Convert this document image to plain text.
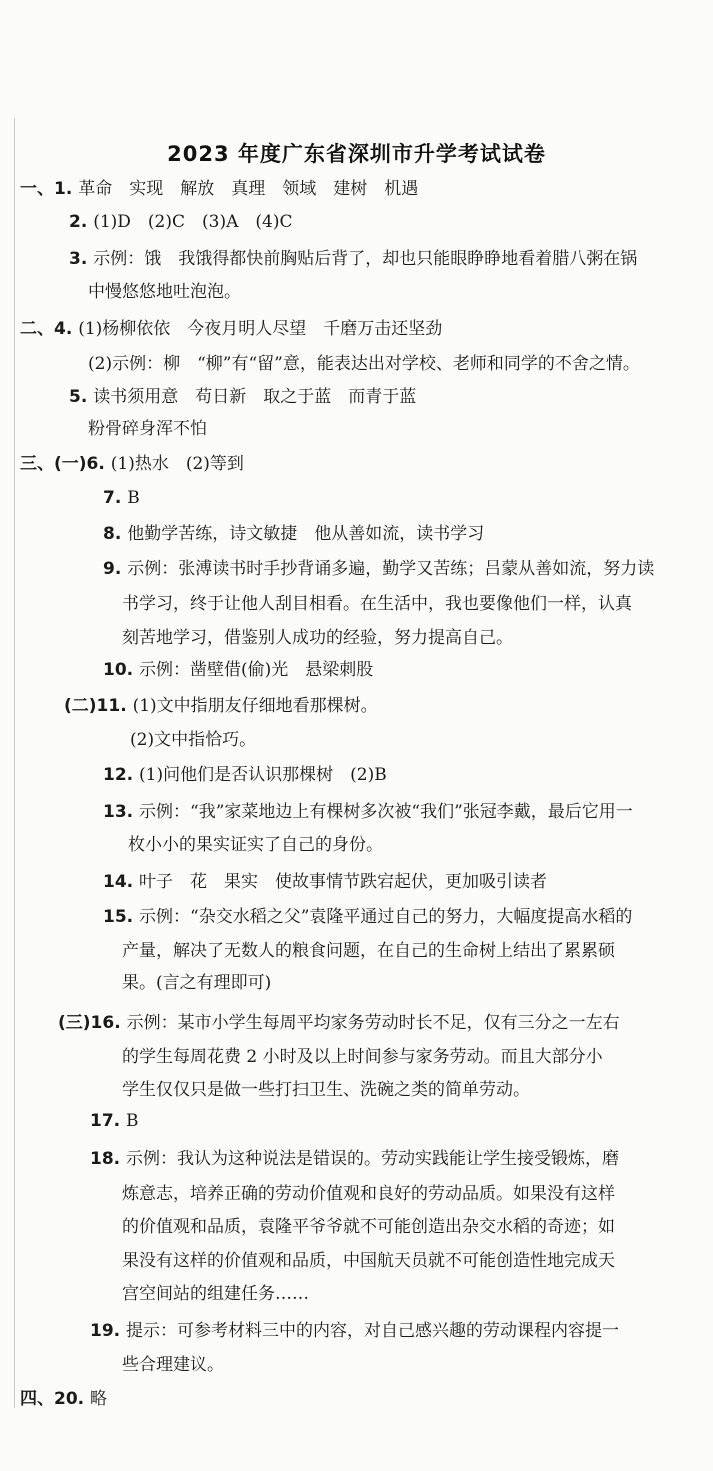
2023 年度广东省深圳市升学考试试卷
一、1. 革命　实现　解放　真理　领域　建树　机遇
2. (1)D　(2)C　(3)A　(4)C
3. 示例：饿　我饿得都快前胸贴后背了，却也只能眼睁睁地看着腊八粥在锅
中慢悠悠地吐泡泡。
二、4. (1)杨柳依依　今夜月明人尽望　千磨万击还坚劲
(2)示例：柳　“柳”有“留”意，能表达出对学校、老师和同学的不舍之情。
5. 读书须用意　苟日新　取之于蓝　而青于蓝
粉骨碎身浑不怕
三、(一)6. (1)热水　(2)等到
7. B
8. 他勤学苦练，诗文敏捷　他从善如流，读书学习
9. 示例：张溥读书时手抄背诵多遍，勤学又苦练；吕蒙从善如流，努力读
书学习，终于让他人刮目相看。在生活中，我也要像他们一样，认真
刻苦地学习，借鉴别人成功的经验，努力提高自己。
10. 示例：凿壁借(偷)光　悬梁刺股
(二)11. (1)文中指朋友仔细地看那棵树。
(2)文中指恰巧。
12. (1)问他们是否认识那棵树　(2)B
13. 示例：“我”家菜地边上有棵树多次被“我们”张冠李戴，最后它用一
枚小小的果实证实了自己的身份。
14. 叶子　花　果实　使故事情节跌宕起伏，更加吸引读者
15. 示例：“杂交水稻之父”袁隆平通过自己的努力，大幅度提高水稻的
产量，解决了无数人的粮食问题，在自己的生命树上结出了累累硕
果。(言之有理即可)
(三)16. 示例：某市小学生每周平均家务劳动时长不足，仅有三分之一左右
的学生每周花费 2 小时及以上时间参与家务劳动。而且大部分小
学生仅仅只是做一些打扫卫生、洗碗之类的简单劳动。
17. B
18. 示例：我认为这种说法是错误的。劳动实践能让学生接受锻炼，磨
炼意志，培养正确的劳动价值观和良好的劳动品质。如果没有这样
的价值观和品质，袁隆平爷爷就不可能创造出杂交水稻的奇迹；如
果没有这样的价值观和品质，中国航天员就不可能创造性地完成天
宫空间站的组建任务……
19. 提示：可参考材料三中的内容，对自己感兴趣的劳动课程内容提一
些合理建议。
四、20. 略
